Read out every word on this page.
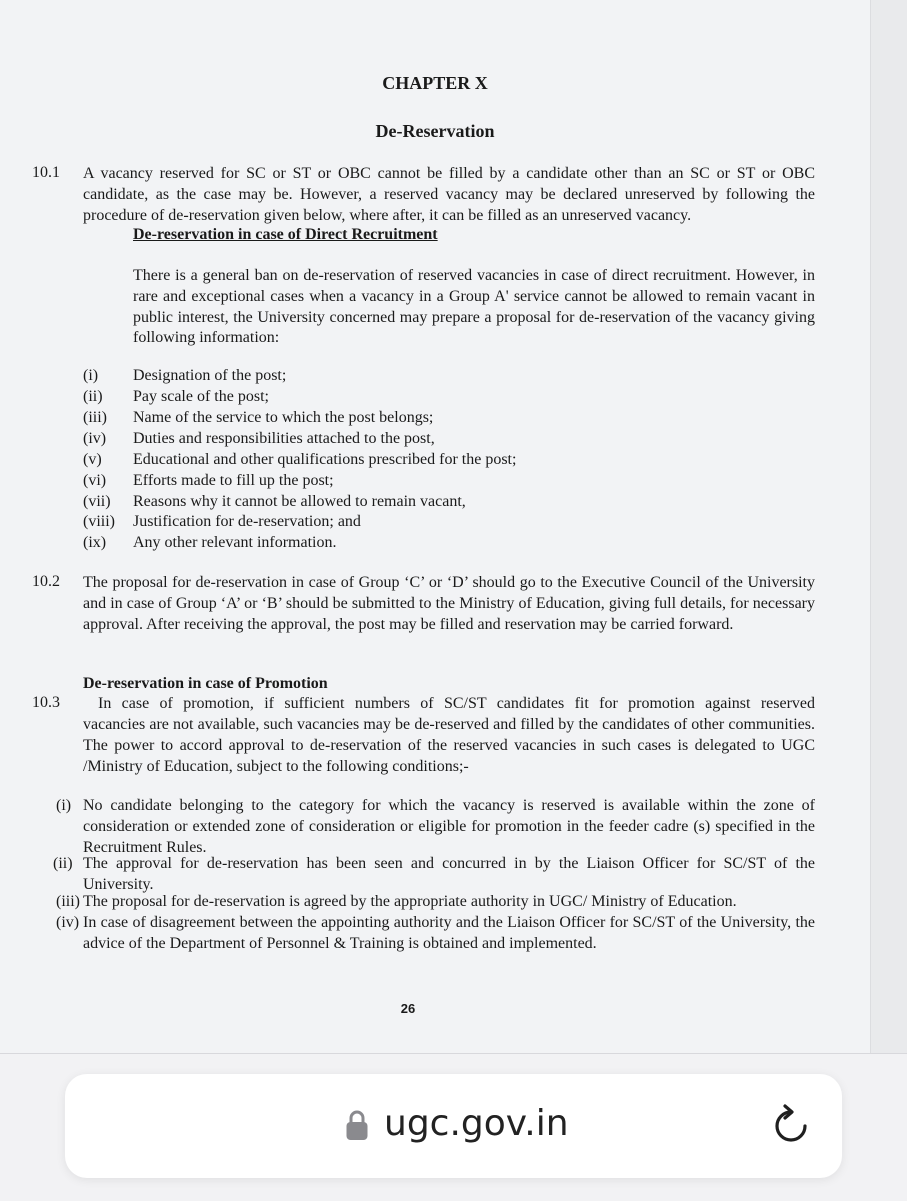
CHAPTER X
De-Reservation
10.1 A vacancy reserved for SC or ST or OBC cannot be filled by a candidate other than an SC or ST or OBC candidate, as the case may be. However, a reserved vacancy may be declared unreserved by following the procedure of de-reservation given below, where after, it can be filled as an unreserved vacancy.
De-reservation in case of Direct Recruitment
There is a general ban on de-reservation of reserved vacancies in case of direct recruitment. However, in rare and exceptional cases when a vacancy in a Group A' service cannot be allowed to remain vacant in public interest, the University concerned may prepare a proposal for de-reservation of the vacancy giving following information:
(i) Designation of the post;
(ii) Pay scale of the post;
(iii) Name of the service to which the post belongs;
(iv) Duties and responsibilities attached to the post,
(v) Educational and other qualifications prescribed for the post;
(vi) Efforts made to fill up the post;
(vii) Reasons why it cannot be allowed to remain vacant,
(viii) Justification for de-reservation; and
(ix) Any other relevant information.
10.2 The proposal for de-reservation in case of Group ‘C’ or ‘D’ should go to the Executive Council of the University and in case of Group ‘A’ or ‘B’ should be submitted to the Ministry of Education, giving full details, for necessary approval. After receiving the approval, the post may be filled and reservation may be carried forward.
De-reservation in case of Promotion
10.3 In case of promotion, if sufficient numbers of SC/ST candidates fit for promotion against reserved
vacancies are not available, such vacancies may be de-reserved and filled by the candidates of other communities. The power to accord approval to de-reservation of the reserved vacancies in such cases is delegated to UGC /Ministry of Education, subject to the following conditions;-
(i) No candidate belonging to the category for which the vacancy is reserved is available within the zone of consideration or extended zone of consideration or eligible for promotion in the feeder cadre (s) specified in the Recruitment Rules.
(ii) The approval for de-reservation has been seen and concurred in by the Liaison Officer for SC/ST of the University.
(iii) The proposal for de-reservation is agreed by the appropriate authority in UGC/ Ministry of Education.
(iv) In case of disagreement between the appointing authority and the Liaison Officer for SC/ST of the University, the advice of the Department of Personnel & Training is obtained and implemented.
26
ugc.gov.in
